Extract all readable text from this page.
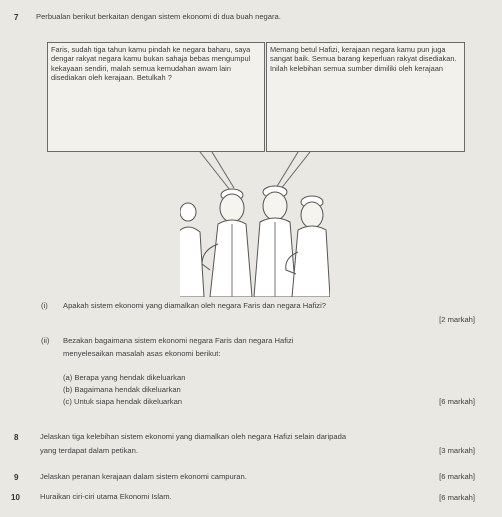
7 Perbualan berikut berkaitan dengan sistem ekonomi di dua buah negara.
Faris, sudah tiga tahun kamu pindah ke negara baharu, saya dengar rakyat negara kamu bukan sahaja bebas mengumpul kekayaan sendiri, malah semua kemudahan awam lain disediakan oleh kerajaan. Betulkah ?
Memang betul Hafizi, kerajaan negara kamu pun juga sangat baik. Semua barang keperluan rakyat disediakan. Inilah kelebihan semua sumber dimiliki oleh kerajaan
(i) Apakah sistem ekonomi yang diamalkan oleh negara Faris dan negara Hafizi?
[2 markah]
(ii) Bezakan bagaimana sistem ekonomi negara Faris dan negara Hafizi
menyelesaikan masalah asas ekonomi berikut:
(a) Berapa yang hendak dikeluarkan
(b) Bagaimana hendak dikeluarkan
(c) Untuk siapa hendak dikeluarkan	[6 markah]
8	Jelaskan tiga kelebihan sistem ekonomi yang diamalkan oleh negara Hafizi selain daripada
yang terdapat dalam petikan.	[3 markah]
9	Jelaskan peranan kerajaan dalam sistem ekonomi campuran.	[6 markah]
10	Huraikan ciri-ciri utama Ekonomi Islam.	[6 markah]
